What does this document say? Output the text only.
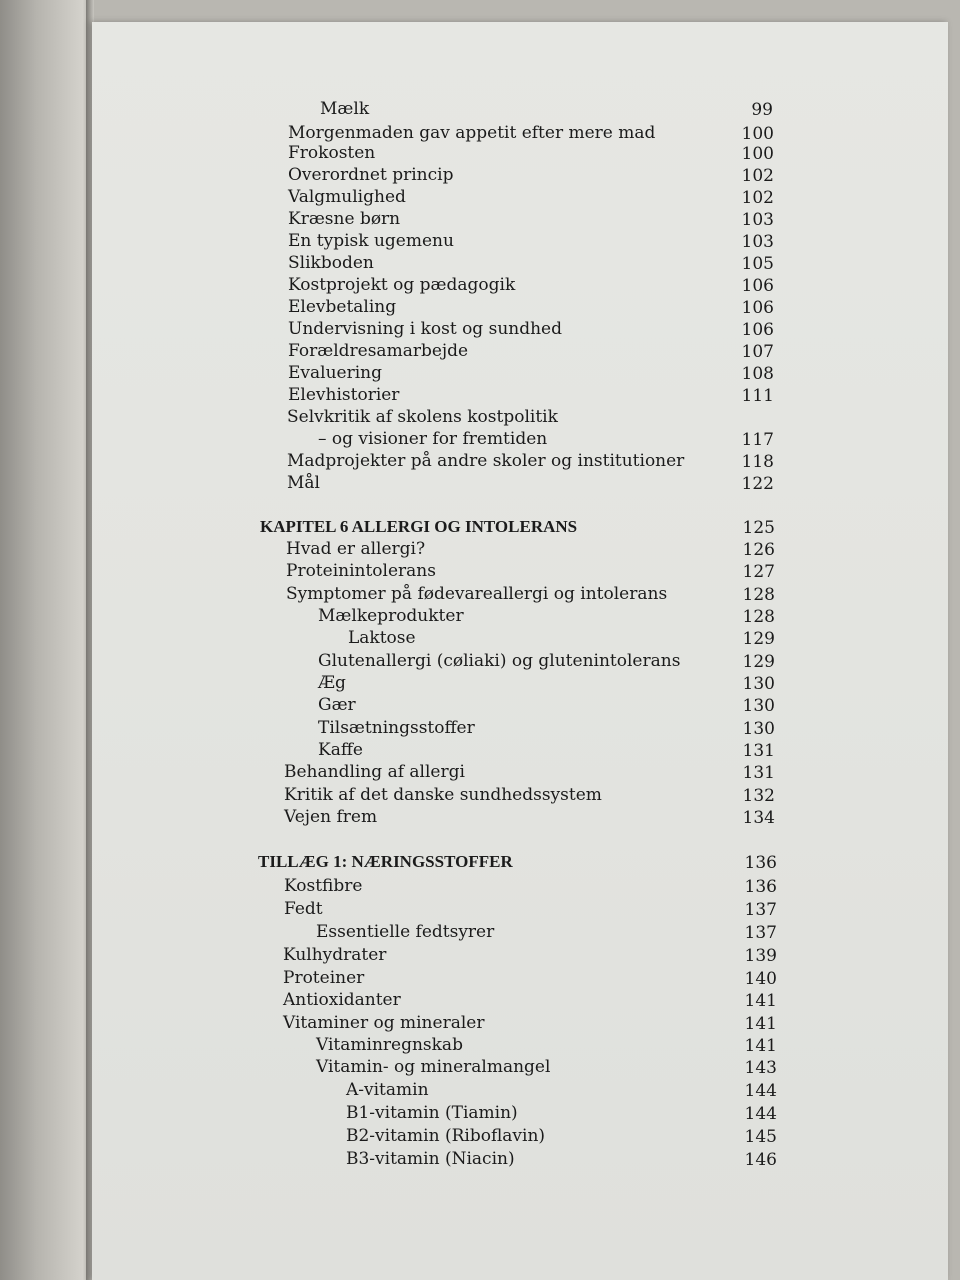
Mælk	99
Morgenmaden gav appetit efter mere mad	100
Frokosten	100
Overordnet princip	102
Valgmulighed	102
Kræsne børn	103
En typisk ugemenu	103
Slikboden	105
Kostprojekt og pædagogik	106
Elevbetaling	106
Undervisning i kost og sundhed	106
Forældresamarbejde	107
Evaluering	108
Elevhistorier	111
Selvkritik af skolens kostpolitik
– og visioner for fremtiden	117
Madprojekter på andre skoler og institutioner	118
Mål	122
KAPITEL 6 ALLERGI OG INTOLERANS	125
Hvad er allergi?	126
Proteinintolerans	127
Symptomer på fødevareallergi og intolerans	128
Mælkeprodukter	128
Laktose	129
Glutenallergi (cøliaki) og glutenintolerans	129
Æg	130
Gær	130
Tilsætningsstoffer	130
Kaffe	131
Behandling af allergi	131
Kritik af det danske sundhedssystem	132
Vejen frem	134
TILLÆG 1: NÆRINGSSTOFFER	136
Kostfibre	136
Fedt	137
Essentielle fedtsyrer	137
Kulhydrater	139
Proteiner	140
Antioxidanter	141
Vitaminer og mineraler	141
Vitaminregnskab	141
Vitamin- og mineralmangel	143
A-vitamin	144
B1-vitamin (Tiamin)	144
B2-vitamin (Riboflavin)	145
B3-vitamin (Niacin)	146
